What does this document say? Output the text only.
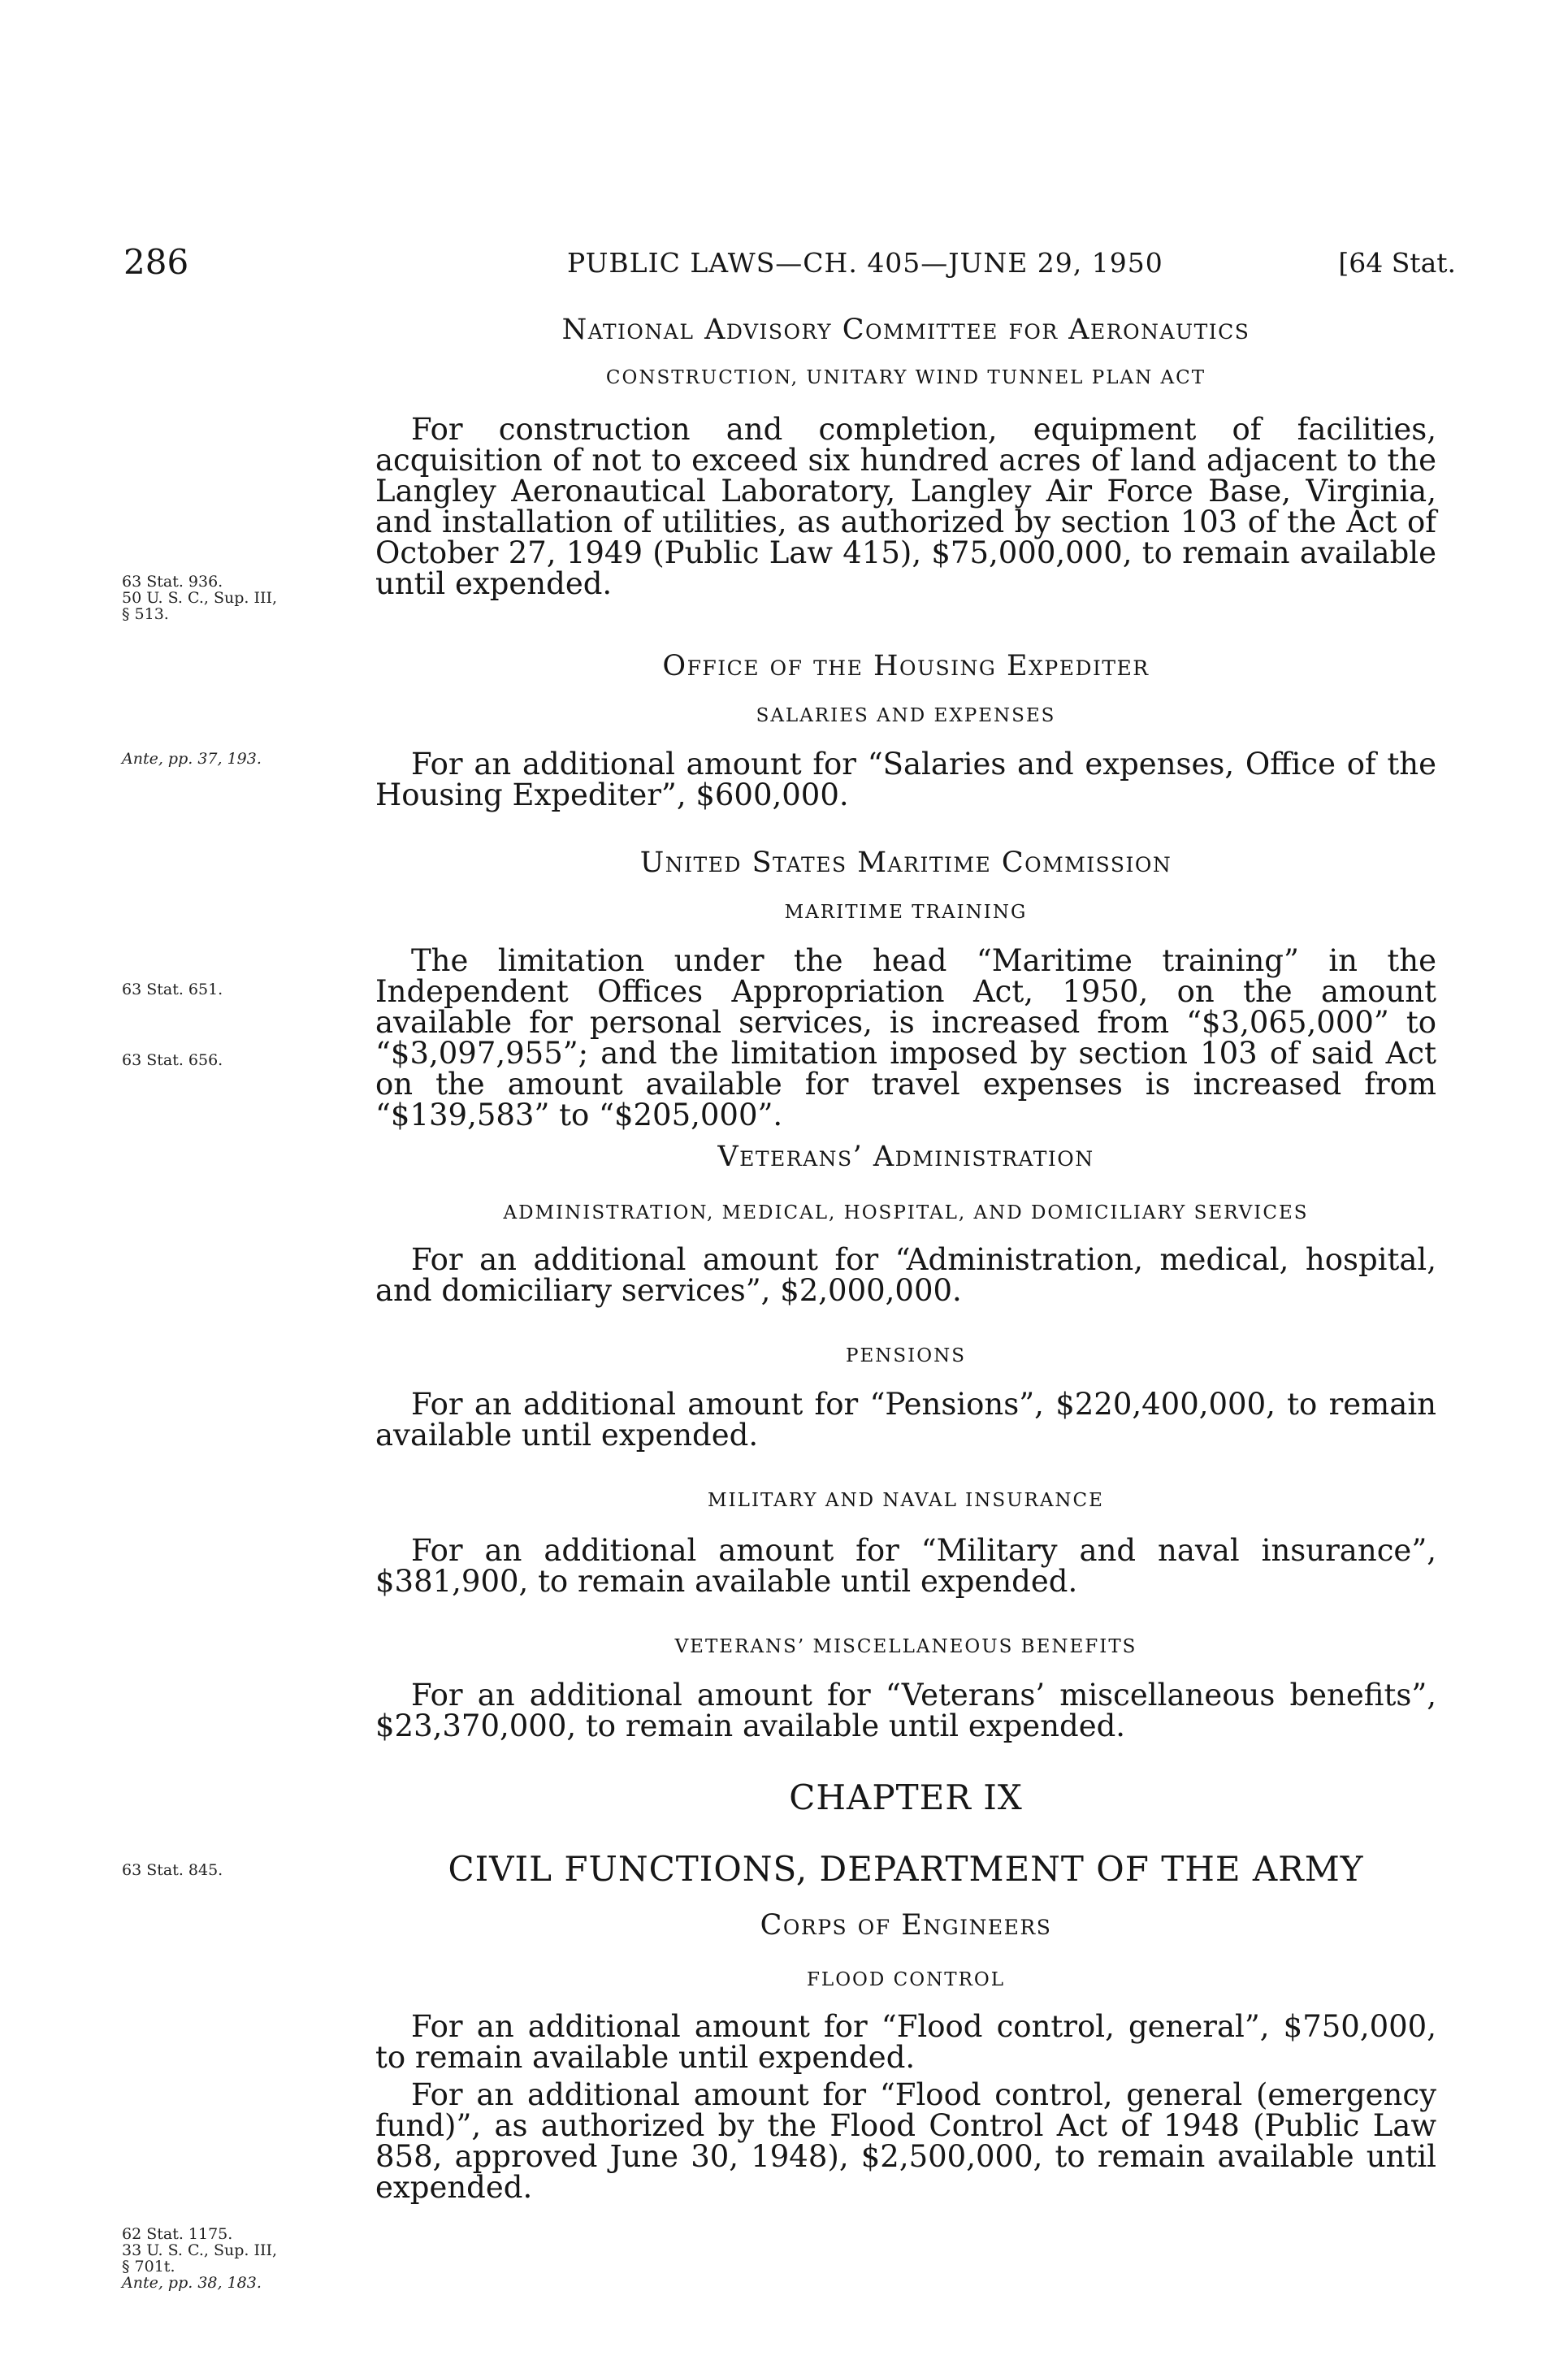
286	PUBLIC LAWS—CH. 405—JUNE 29, 1950	[64 Stat.
63 Stat. 936.
50 U. S. C., Sup. III,
§ 513.
Ante, pp. 37, 193.
63 Stat. 651.
63 Stat. 656.
63 Stat. 845.
62 Stat. 1175.
33 U. S. C., Sup. III,
§ 701t.
Ante, pp. 38, 183.

National Advisory Committee for Aeronautics

CONSTRUCTION, UNITARY WIND TUNNEL PLAN ACT

For construction and completion, equipment of facilities, acquisition of not to exceed six hundred acres of land adjacent to the Langley Aeronautical Laboratory, Langley Air Force Base, Virginia, and installation of utilities, as authorized by section 103 of the Act of October 27, 1949 (Public Law 415), $75,000,000, to remain available until expended.

Office of the Housing Expediter

SALARIES AND EXPENSES

For an additional amount for “Salaries and expenses, Office of the Housing Expediter”, $600,000.

United States Maritime Commission

MARITIME TRAINING

The limitation under the head “Maritime training” in the Independent Offices Appropriation Act, 1950, on the amount available for personal services, is increased from “$3,065,000” to “$3,097,955”; and the limitation imposed by section 103 of said Act on the amount available for travel expenses is increased from “$139,583” to “$205,000”.

Veterans’ Administration

ADMINISTRATION, MEDICAL, HOSPITAL, AND DOMICILIARY SERVICES

For an additional amount for “Administration, medical, hospital, and domiciliary services”, $2,000,000.

PENSIONS

For an additional amount for “Pensions”, $220,400,000, to remain available until expended.

MILITARY AND NAVAL INSURANCE

For an additional amount for “Military and naval insurance”, $381,900, to remain available until expended.

VETERANS’ MISCELLANEOUS BENEFITS

For an additional amount for “Veterans’ miscellaneous benefits”, $23,370,000, to remain available until expended.

CHAPTER IX

CIVIL FUNCTIONS, DEPARTMENT OF THE ARMY

Corps of Engineers

FLOOD CONTROL

For an additional amount for “Flood control, general”, $750,000, to remain available until expended.

For an additional amount for “Flood control, general (emergency fund)”, as authorized by the Flood Control Act of 1948 (Public Law 858, approved June 30, 1948), $2,500,000, to remain available until expended.
